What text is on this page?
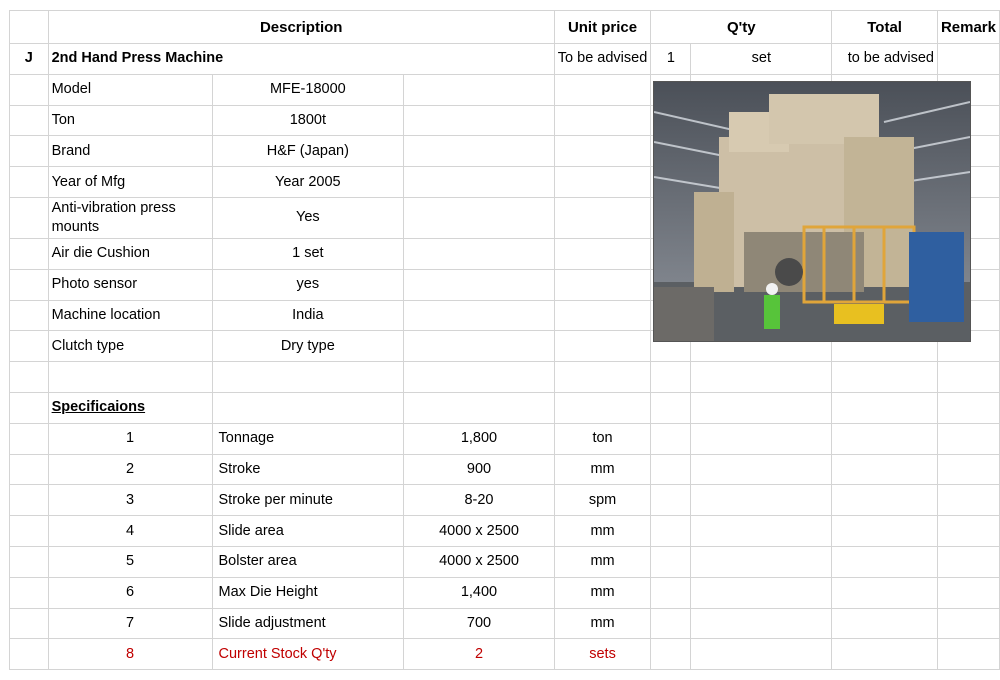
	Description			Unit price	Q'ty		Total	Remark
J	2nd Hand Press Machine			To be advised	1	set	to be advised	
	Model	MFE-18000			

	Ton	1800t						
	Brand	H&F (Japan)						
	Year of Mfg	Year 2005						
	Anti-vibration press mounts	Yes						
	Air die Cushion	1 set						
	Photo sensor	yes						
	Machine location	India						
	Clutch type	Dry type						

	Specificaions							
	1	Tonnage	1,800	ton				
	2	Stroke	900	mm				
	3	Stroke per minute	8-20	spm				
	4	Slide area	4000 x 2500	mm				
	5	Bolster area	4000 x 2500	mm				
	6	Max Die Height	1,400	mm				
	7	Slide adjustment	700	mm				
	8	Current Stock Q'ty	2	sets				
